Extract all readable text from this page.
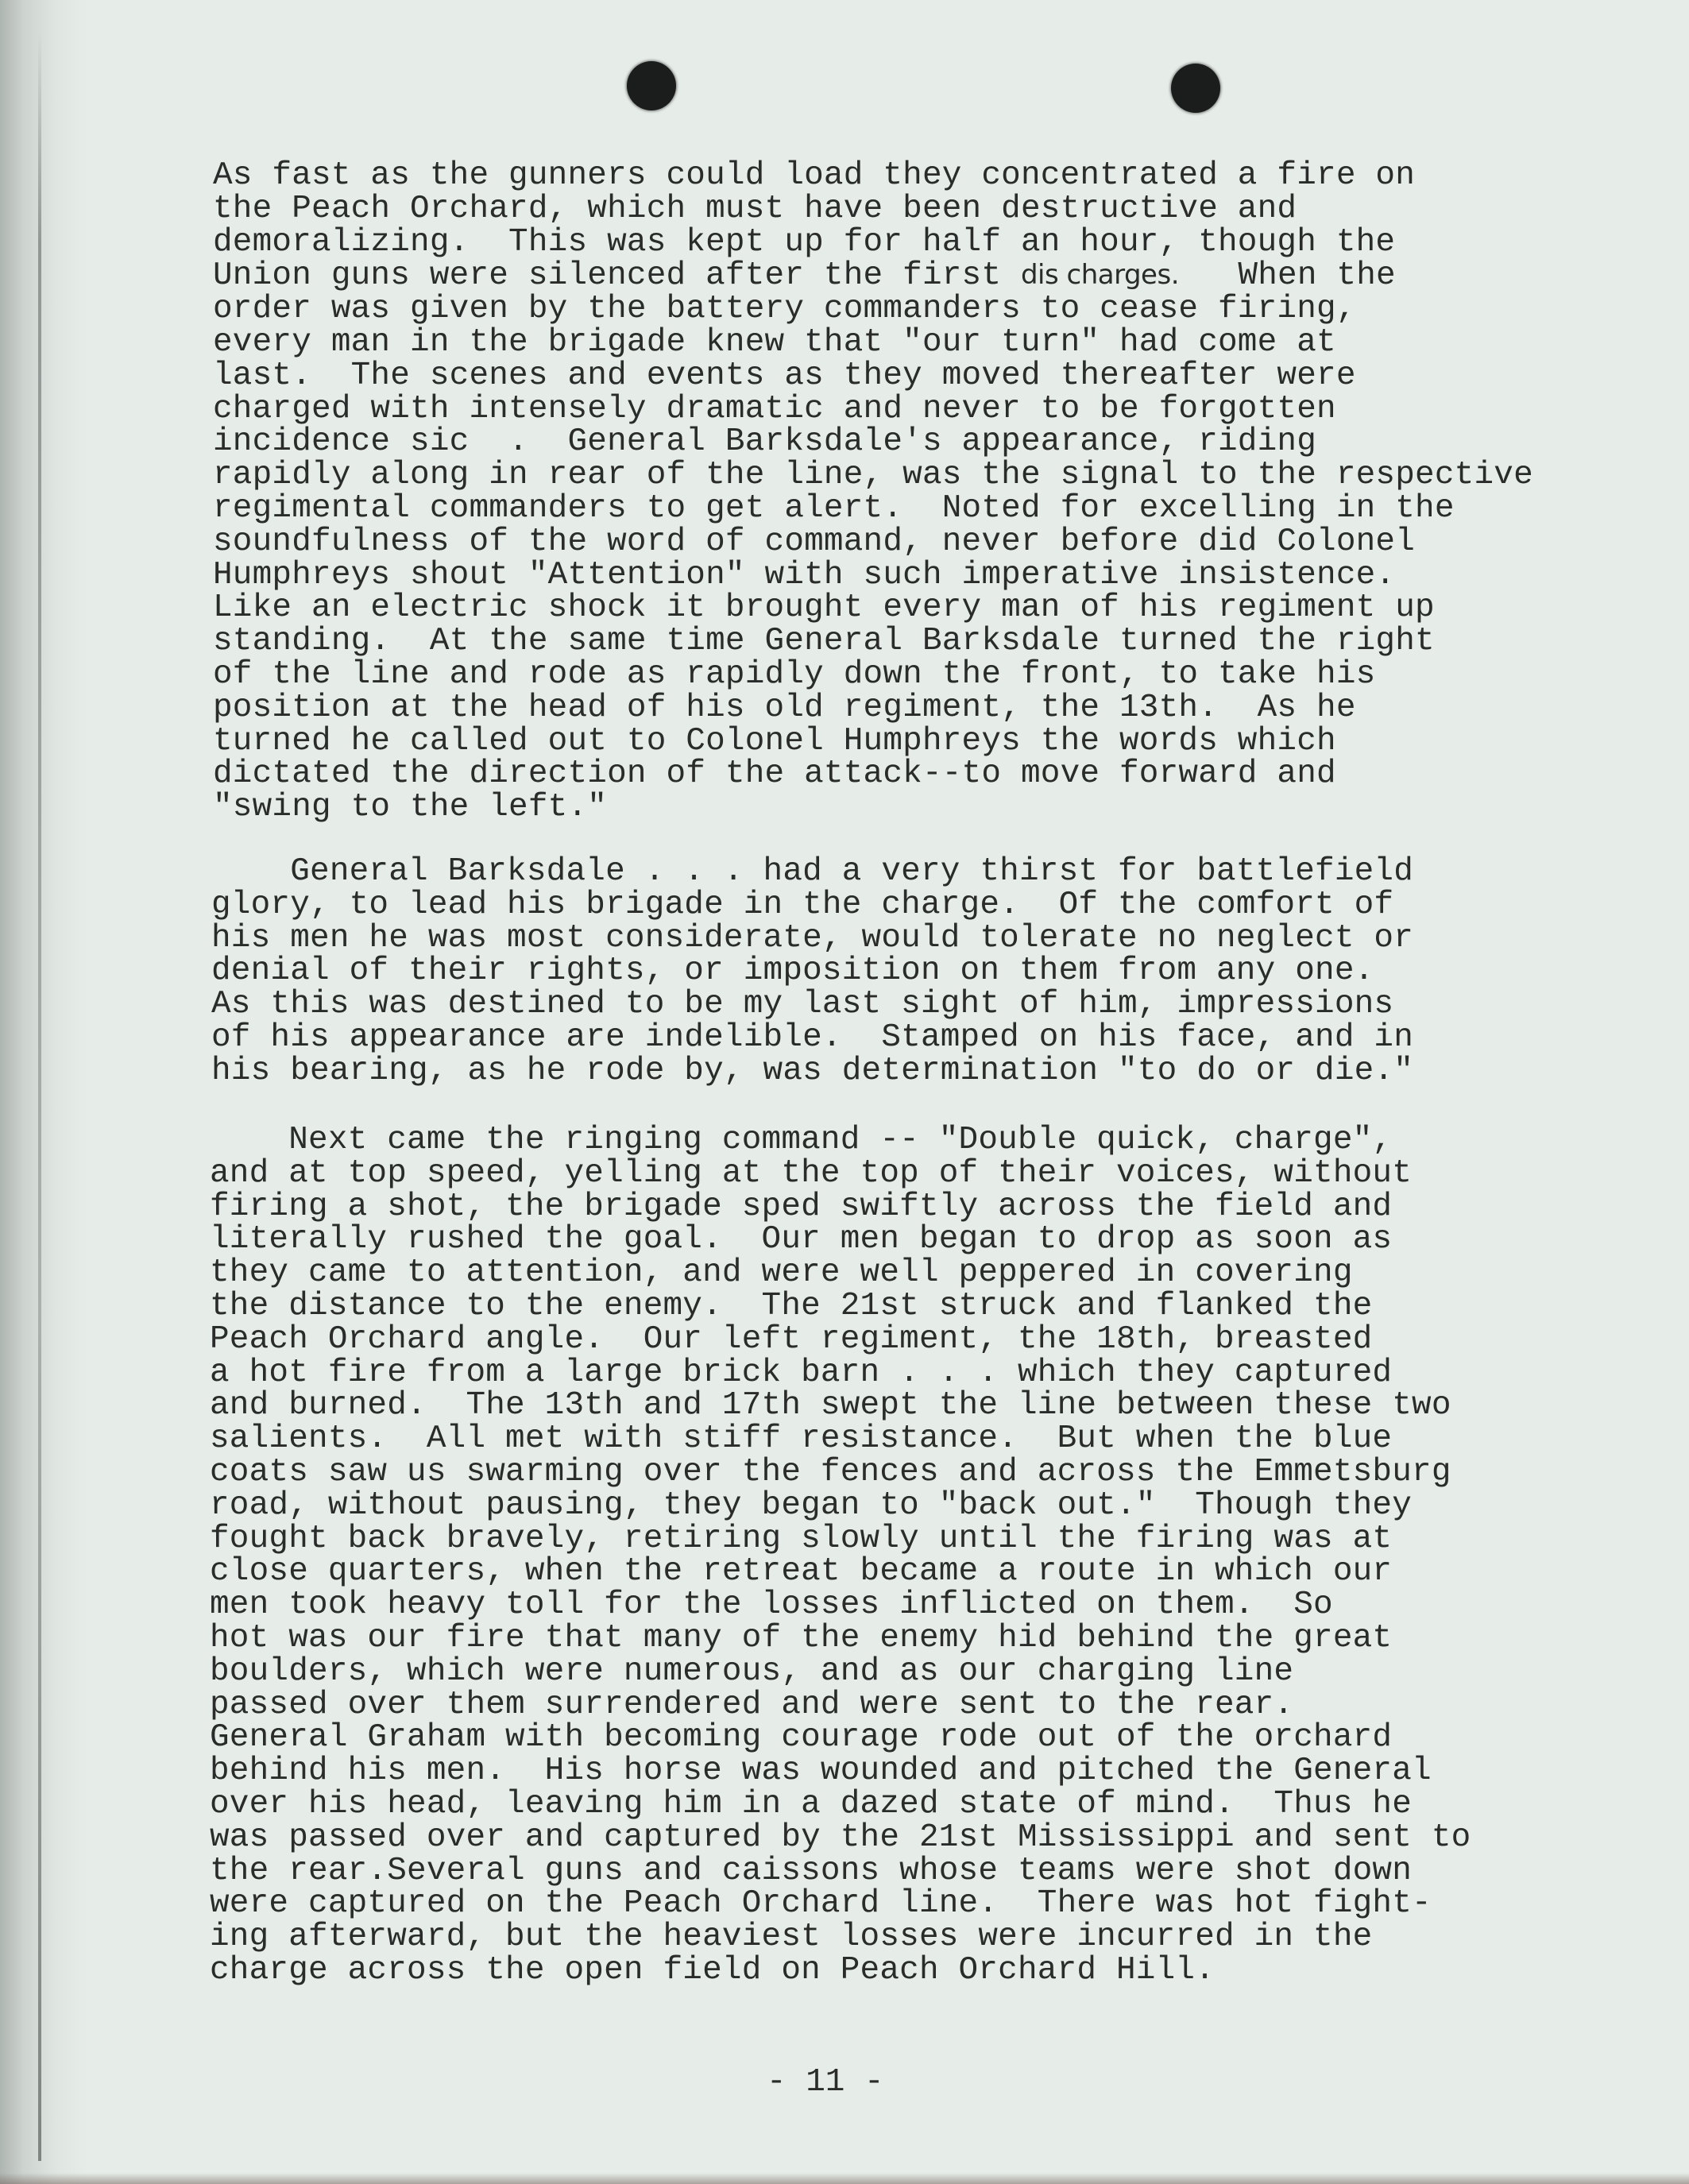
As fast as the gunners could load they concentrated a fire on
the Peach Orchard, which must have been destructive and
demoralizing.  This was kept up for half an hour, though the
Union guns were silenced after the first dis charges.   When the
order was given by the battery commanders to cease firing,
every man in the brigade knew that "our turn" had come at
last.  The scenes and events as they moved thereafter were
charged with intensely dramatic and never to be forgotten
incidence sic  .  General Barksdale's appearance, riding
rapidly along in rear of the line, was the signal to the respective
regimental commanders to get alert.  Noted for excelling in the
soundfulness of the word of command, never before did Colonel
Humphreys shout "Attention" with such imperative insistence.
Like an electric shock it brought every man of his regiment up
standing.  At the same time General Barksdale turned the right
of the line and rode as rapidly down the front, to take his
position at the head of his old regiment, the 13th.  As he
turned he called out to Colonel Humphreys the words which
dictated the direction of the attack--to move forward and
"swing to the left."
General Barksdale . . . had a very thirst for battlefield
glory, to lead his brigade in the charge.  Of the comfort of
his men he was most considerate, would tolerate no neglect or
denial of their rights, or imposition on them from any one.
As this was destined to be my last sight of him, impressions
of his appearance are indelible.  Stamped on his face, and in
his bearing, as he rode by, was determination "to do or die."
Next came the ringing command -- "Double quick, charge",
and at top speed, yelling at the top of their voices, without
firing a shot, the brigade sped swiftly across the field and
literally rushed the goal.  Our men began to drop as soon as
they came to attention, and were well peppered in covering
the distance to the enemy.  The 21st struck and flanked the
Peach Orchard angle.  Our left regiment, the 18th, breasted
a hot fire from a large brick barn . . . which they captured
and burned.  The 13th and 17th swept the line between these two
salients.  All met with stiff resistance.  But when the blue
coats saw us swarming over the fences and across the Emmetsburg
road, without pausing, they began to "back out."  Though they
fought back bravely, retiring slowly until the firing was at
close quarters, when the retreat became a route in which our
men took heavy toll for the losses inflicted on them.  So
hot was our fire that many of the enemy hid behind the great
boulders, which were numerous, and as our charging line
passed over them surrendered and were sent to the rear.
General Graham with becoming courage rode out of the orchard
behind his men.  His horse was wounded and pitched the General
over his head, leaving him in a dazed state of mind.  Thus he
was passed over and captured by the 21st Mississippi and sent to
the rear.Several guns and caissons whose teams were shot down
were captured on the Peach Orchard line.  There was hot fight-
ing afterward, but the heaviest losses were incurred in the
charge across the open field on Peach Orchard Hill.
- 11 -
